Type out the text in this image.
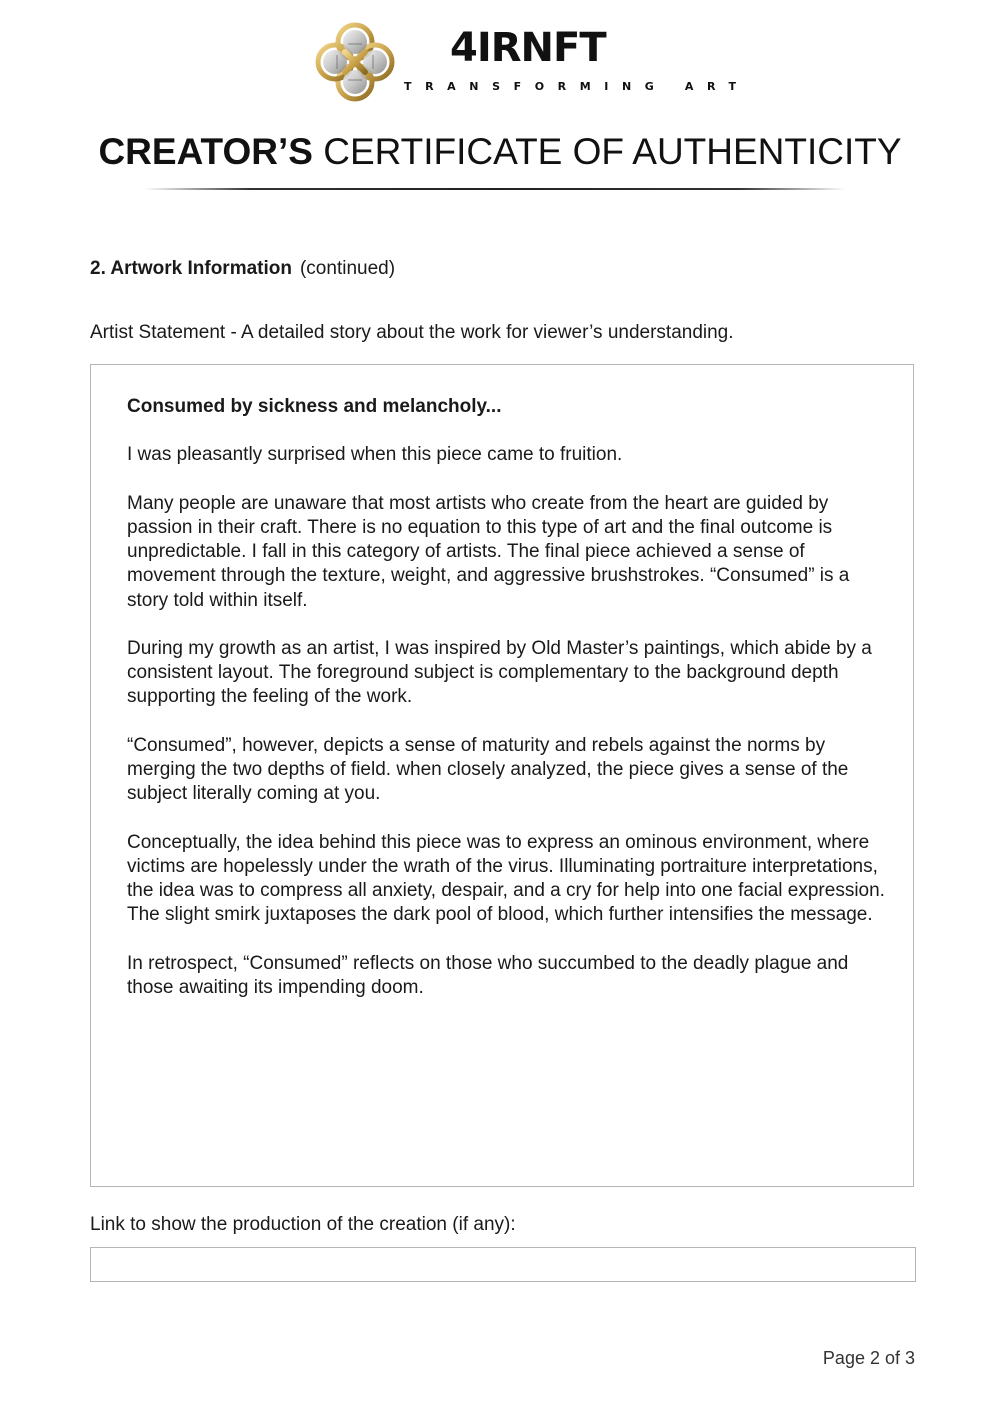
4IRNFT
TRANSFORMING ART
CREATOR’S CERTIFICATE OF AUTHENTICITY
2. Artwork Information (continued)
Artist Statement - A detailed story about the work for viewer’s understanding.

Consumed by sickness and melancholy...

I was pleasantly surprised when this piece came to fruition.

Many people are unaware that most artists who create from the heart are guided by passion in their craft. There is no equation to this type of art and the final outcome is unpredictable. I fall in this category of artists. The final piece achieved a sense of movement through the texture, weight, and aggressive brushstrokes. “Consumed” is a story told within itself.

During my growth as an artist, I was inspired by Old Master’s paintings, which abide by a consistent layout. The foreground subject is complementary to the background depth supporting the feeling of the work.

“Consumed”, however, depicts a sense of maturity and rebels against the norms by merging the two depths of field. when closely analyzed, the piece gives a sense of the subject literally coming at you.

Conceptually, the idea behind this piece was to express an ominous environment, where victims are hopelessly under the wrath of the virus. Illuminating portraiture interpretations, the idea was to compress all anxiety, despair, and a cry for help into one facial expression. The slight smirk juxtaposes the dark pool of blood, which further intensifies the message.

In retrospect, “Consumed” reflects on those who succumbed to the deadly plague and those awaiting its impending doom.

Link to show the production of the creation (if any):
Page 2 of 3
